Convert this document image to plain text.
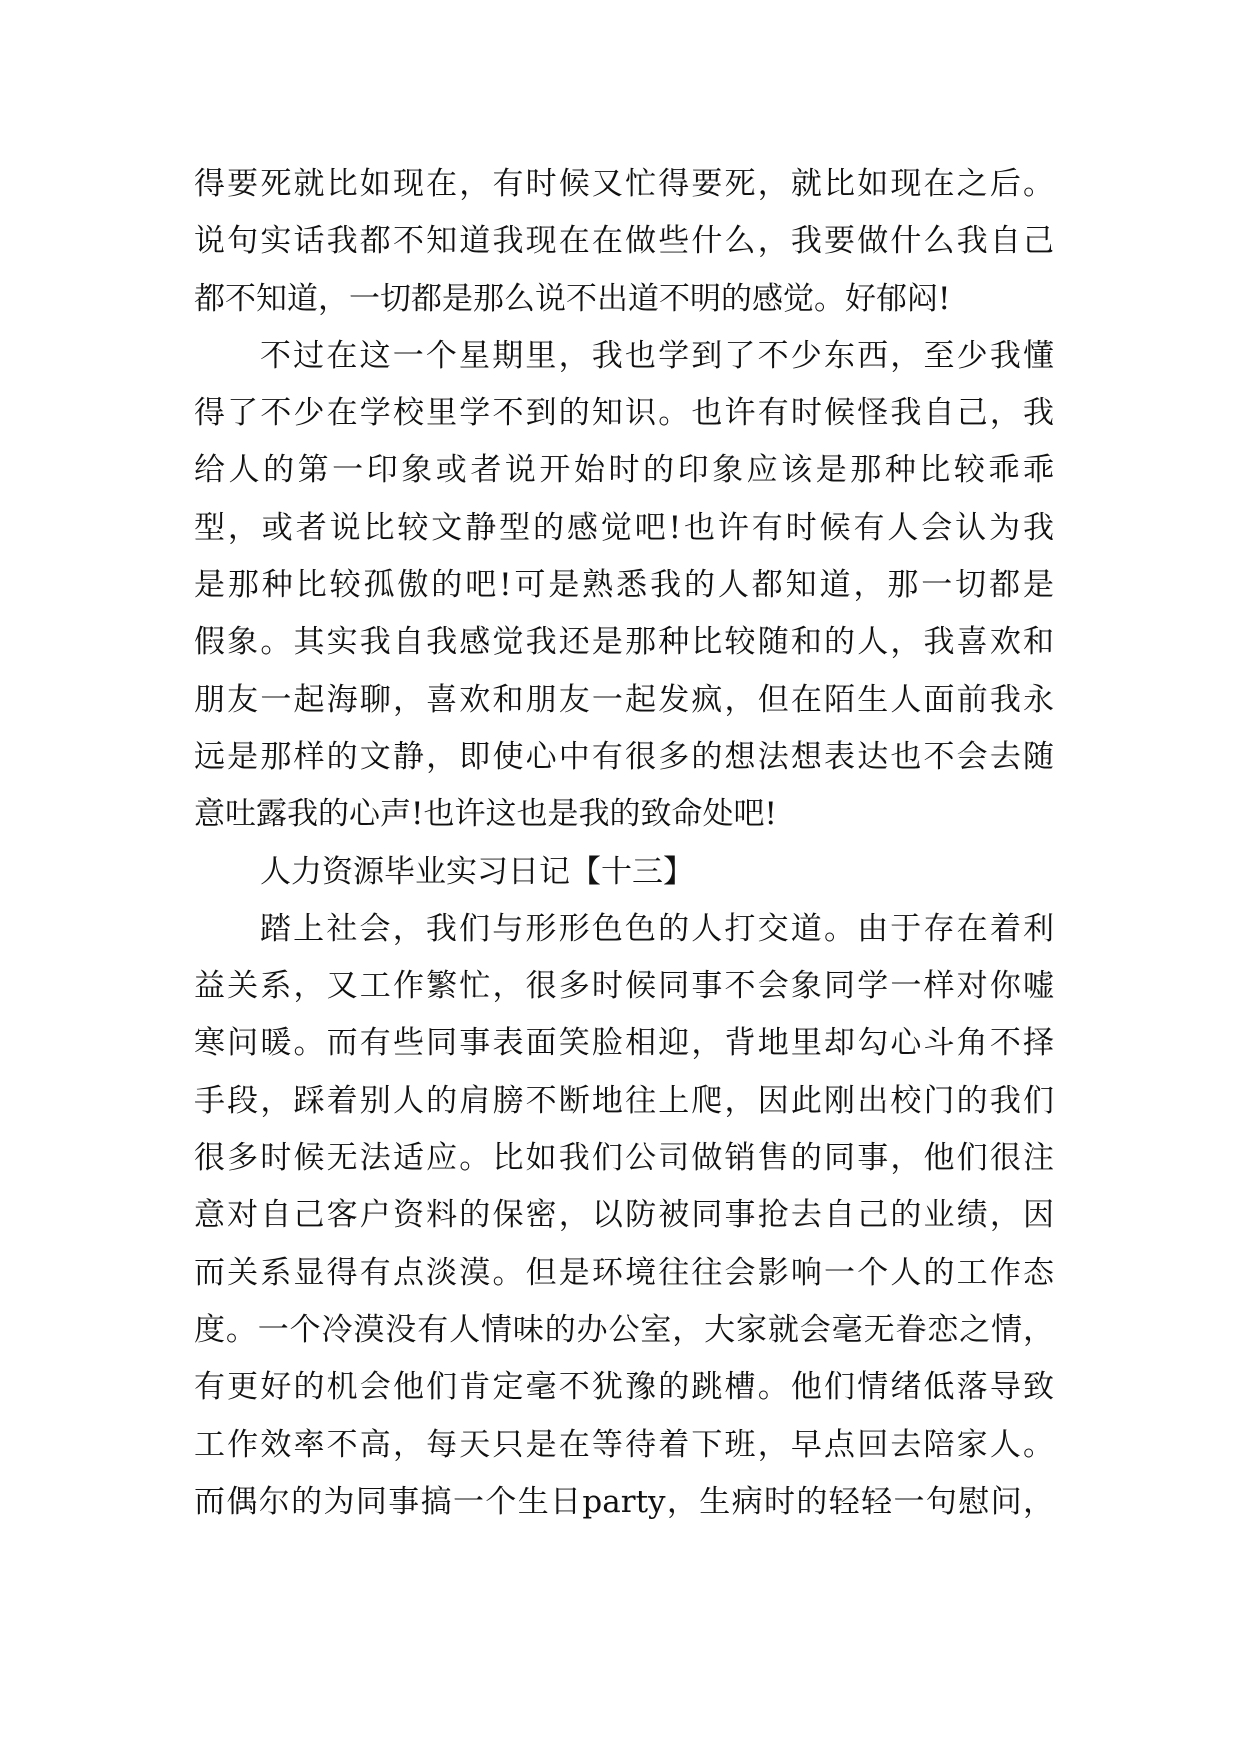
得要死就比如现在，有时候又忙得要死，就比如现在之后。
说句实话我都不知道我现在在做些什么，我要做什么我自己
都不知道，一切都是那么说不出道不明的感觉。好郁闷!
不过在这一个星期里，我也学到了不少东西，至少我懂
得了不少在学校里学不到的知识。也许有时候怪我自己，我
给人的第一印象或者说开始时的印象应该是那种比较乖乖
型，或者说比较文静型的感觉吧!也许有时候有人会认为我
是那种比较孤傲的吧!可是熟悉我的人都知道，那一切都是
假象。其实我自我感觉我还是那种比较随和的人，我喜欢和
朋友一起海聊，喜欢和朋友一起发疯，但在陌生人面前我永
远是那样的文静，即使心中有很多的想法想表达也不会去随
意吐露我的心声!也许这也是我的致命处吧!
人力资源毕业实习日记【十三】
踏上社会，我们与形形色色的人打交道。由于存在着利
益关系，又工作繁忙，很多时候同事不会象同学一样对你嘘
寒问暖。而有些同事表面笑脸相迎，背地里却勾心斗角不择
手段，踩着别人的肩膀不断地往上爬，因此刚出校门的我们
很多时候无法适应。比如我们公司做销售的同事，他们很注
意对自己客户资料的保密，以防被同事抢去自己的业绩，因
而关系显得有点淡漠。但是环境往往会影响一个人的工作态
度。一个冷漠没有人情味的办公室，大家就会毫无眷恋之情，
有更好的机会他们肯定毫不犹豫的跳槽。他们情绪低落导致
工作效率不高，每天只是在等待着下班，早点回去陪家人。
而偶尔的为同事搞一个生日party，生病时的轻轻一句慰问，
